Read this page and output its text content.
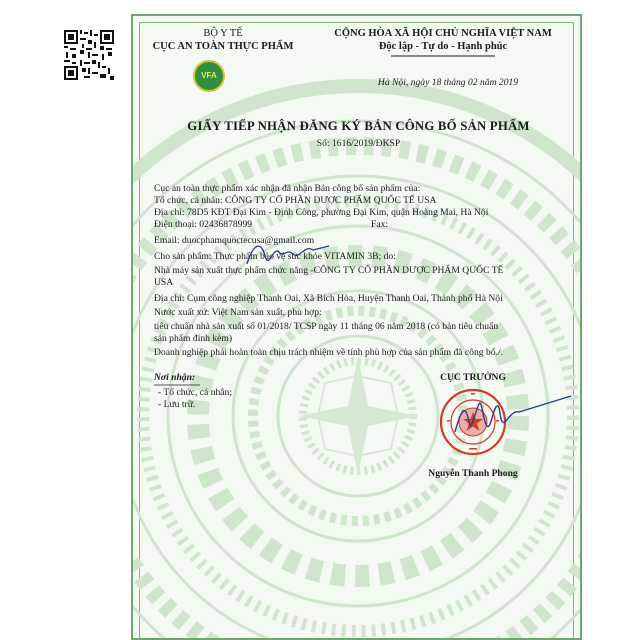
BỘ Y TẾ
CỤC AN TOÀN THỰC PHẨM
VFA
CỘNG HÒA XÃ HỘI CHỦ NGHĨA VIỆT NAM
Độc lập - Tự do - Hạnh phúc
Hà Nội, ngày 18 tháng 02 năm 2019
GIẤY TIẾP NHẬN ĐĂNG KÝ BẢN CÔNG BỐ SẢN PHẨM
Số: 1616/2019/ĐKSP
Cục an toàn thực phẩm xác nhận đã nhận Bản công bố sản phẩm của:
Tổ chức, cá nhân: CÔNG TY CỔ PHẦN DƯỢC PHẨM QUỐC TẾ USA
Địa chỉ: 78D5 KĐT Đại Kim - Định Công, phường Đại Kim, quận Hoàng Mai, Hà Nội
Điện thoại: 02436878999	Fax:
Email: duocphamquoctecusa@gmail.com
Cho sản phẩm: Thực phẩm bảo vệ sức khỏe VITAMIN 3B; do:
Nhà máy sản xuất thực phẩm chức năng -CÔNG TY CỔ PHẦN DƯỢC PHẨM QUỐC TẾ
USA
Địa chỉ: Cụm công nghiệp Thanh Oai, Xã Bích Hòa, Huyện Thanh Oai, Thành phố Hà Nội
Nước xuất xứ: Việt Nam sản xuất, phù hợp:
tiêu chuẩn nhà sản xuất số 01/2018/ TCSP ngày 11 tháng 06 năm 2018 (có bản tiêu chuẩn
sản phẩm đính kèm)
Doanh nghiệp phải hoàn toàn chịu trách nhiệm về tính phù hợp của sản phẩm đã công bố./.
Nơi nhận:
- Tổ chức, cá nhân;
- Lưu trữ.
CỤC TRƯỞNG
Nguyễn Thanh Phong
